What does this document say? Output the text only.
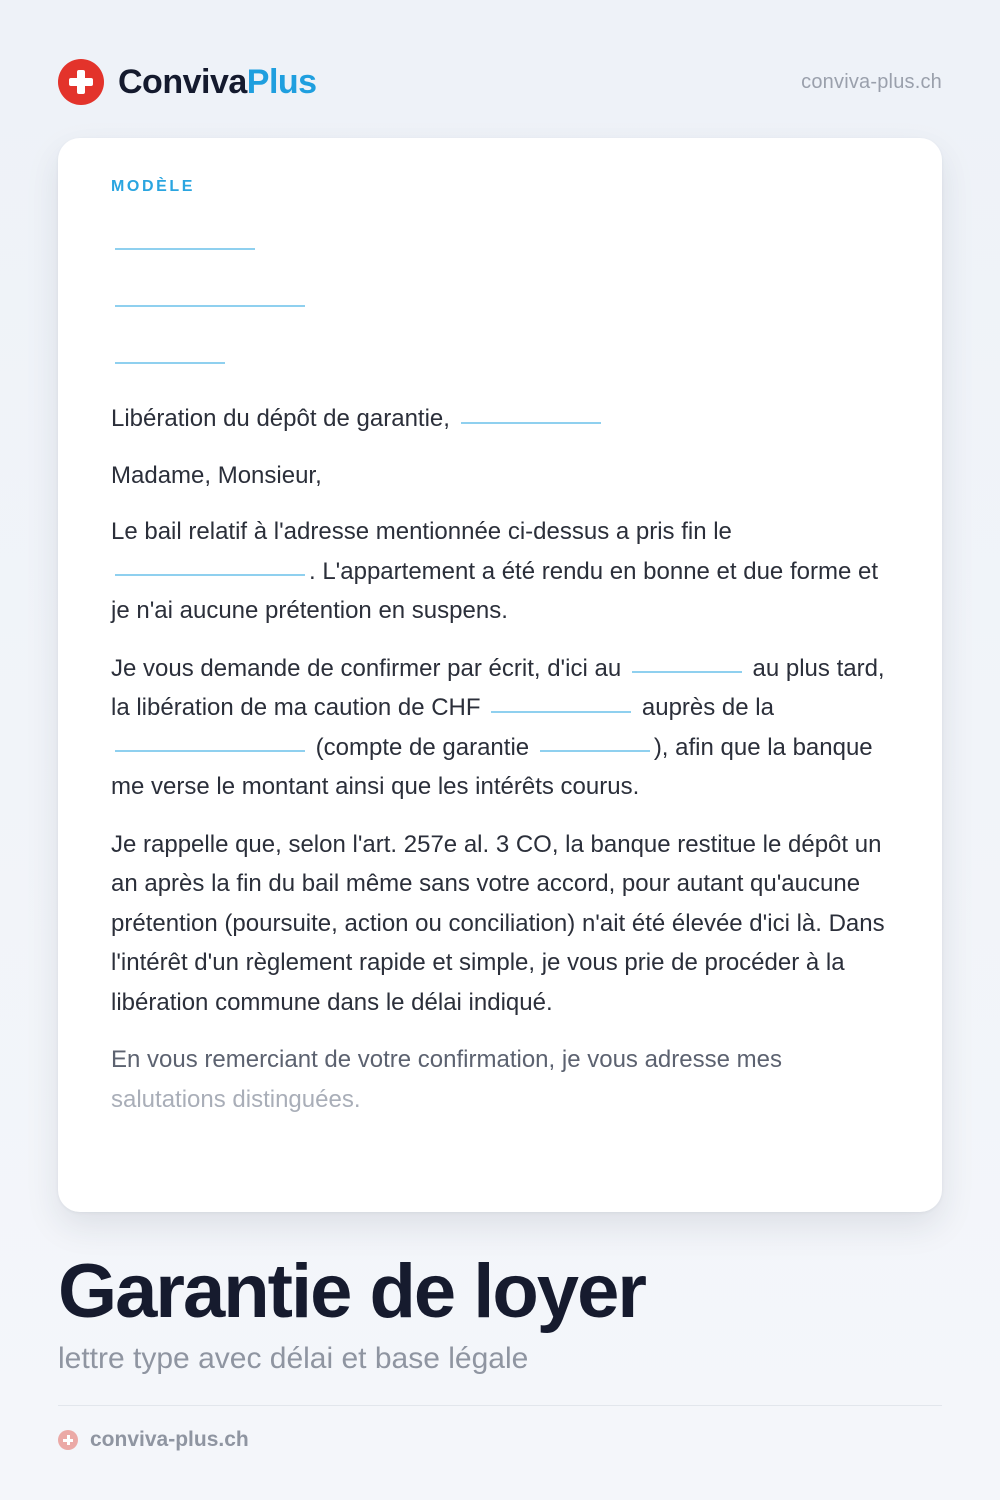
ConvivaPlus	conviva-plus.ch
MODÈLE

Libération du dépôt de garantie,

Madame, Monsieur,

Le bail relatif à l'adresse mentionnée ci-dessus a pris fin le . L'appartement a été rendu en bonne et due forme et je n'ai aucune prétention en suspens.

Je vous demande de confirmer par écrit, d'ici au	au plus tard, la libération de ma caution de CHF	auprès de la  (compte de garantie	), afin que la banque me verse le montant ainsi que les intérêts courus.

Je rappelle que, selon l'art. 257e al. 3 CO, la banque restitue le dépôt un an après la fin du bail même sans votre accord, pour autant qu'aucune prétention (poursuite, action ou conciliation) n'ait été élevée d'ici là. Dans l'intérêt d'un règlement rapide et simple, je vous prie de procéder à la libération commune dans le délai indiqué.

En vous remerciant de votre confirmation, je vous adresse mes salutations distinguées.

Garantie de loyer
lettre type avec délai et base légale
conviva-plus.ch
